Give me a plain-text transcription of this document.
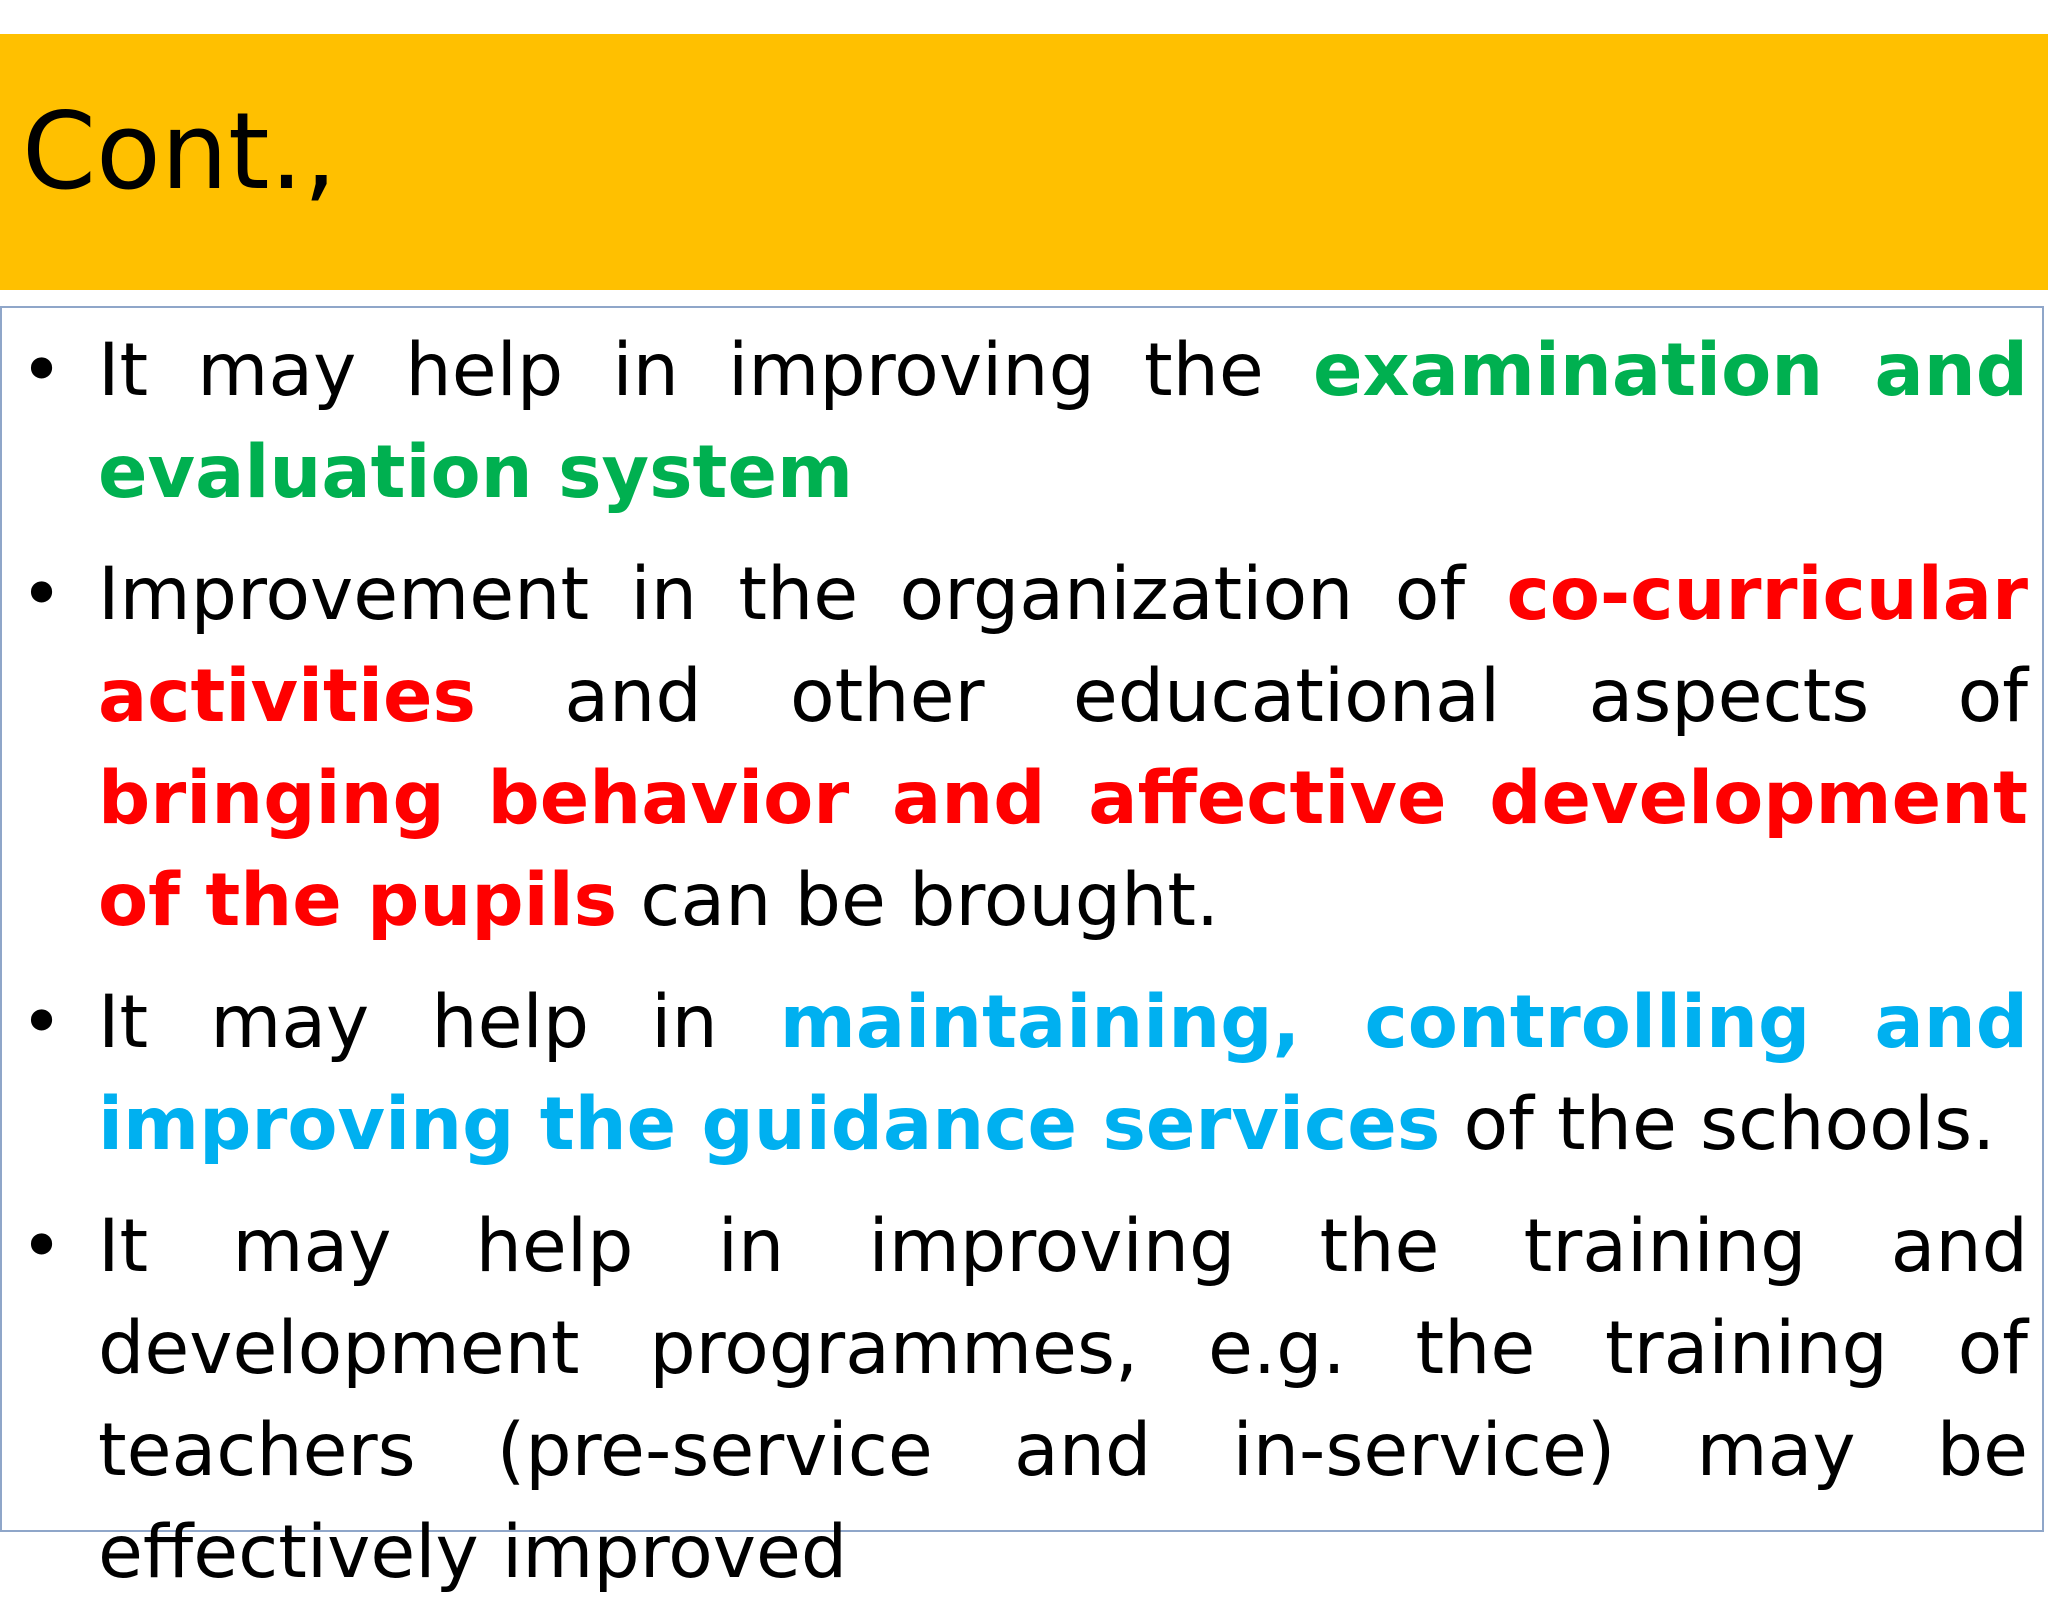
Cont.,
• It may help in improving the examination and evaluation system
• Improvement in the organization of co-curricular activities and other educational aspects of bringing behavior and affective development of the pupils can be brought.
• It may help in maintaining, controlling and improving the guidance services of the schools.
• It may help in improving the training and development programmes, e.g. the training of teachers (pre-service and in-service) may be effectively improved
